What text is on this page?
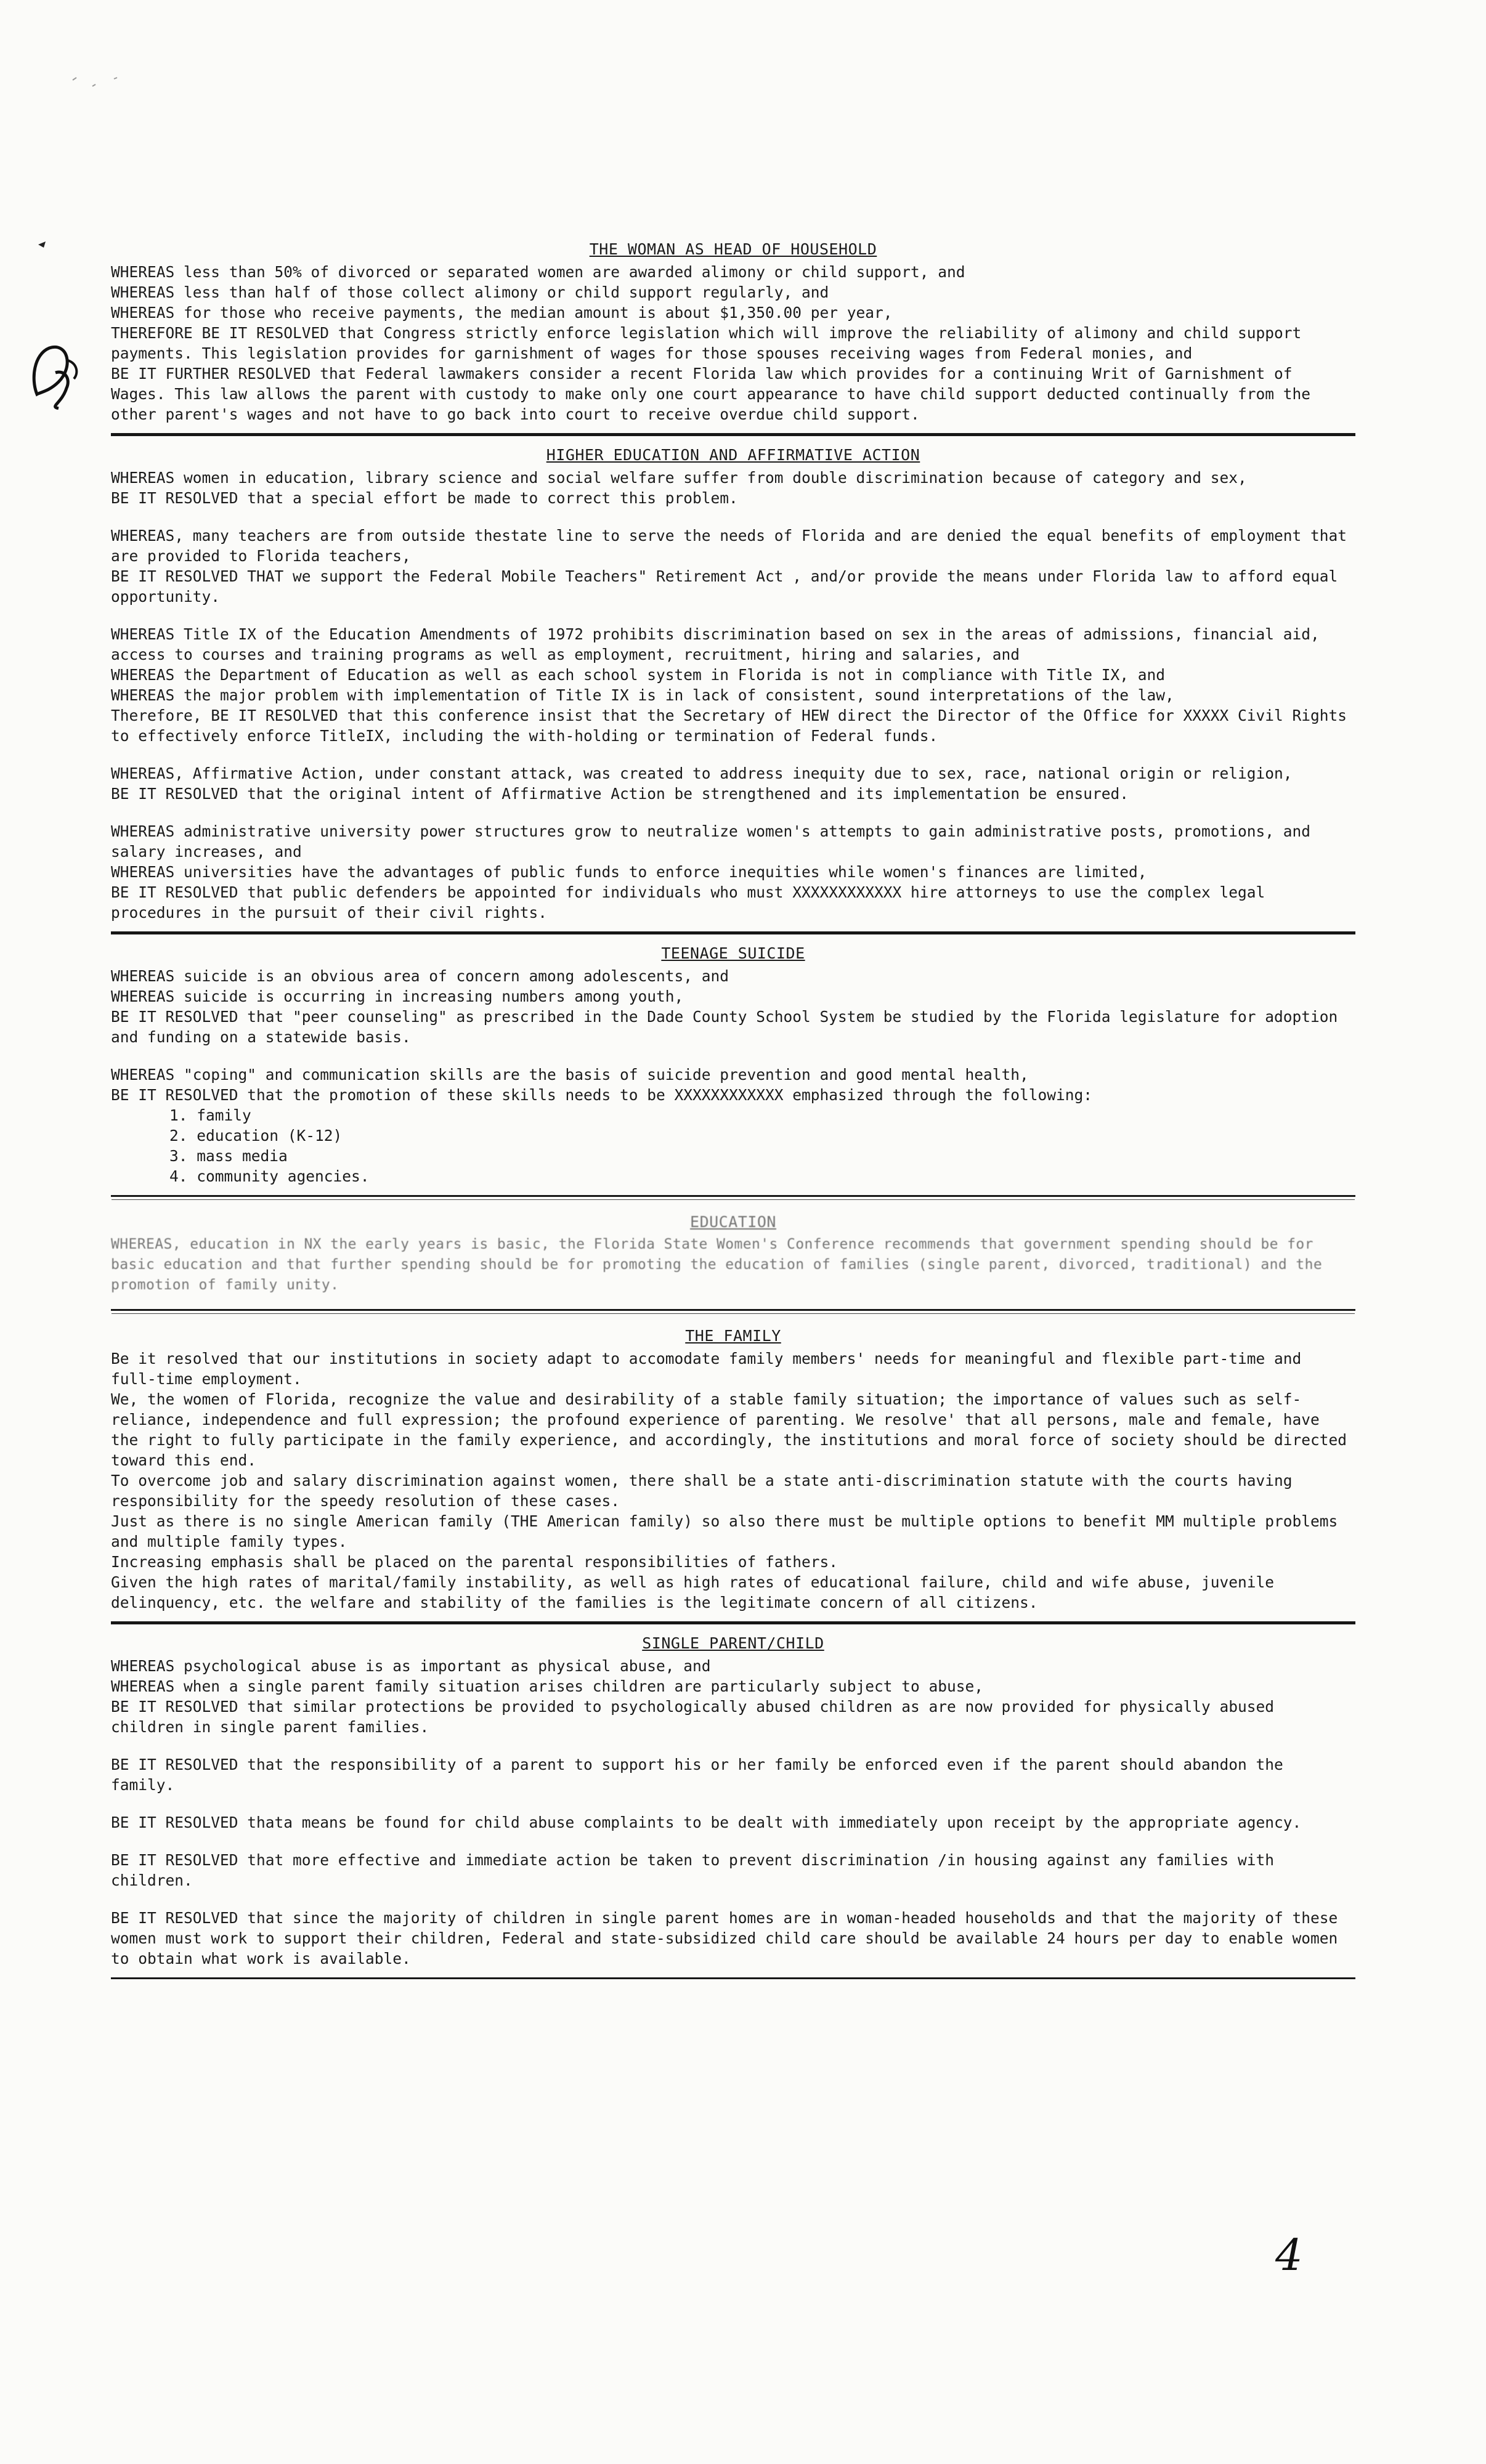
THE WOMAN AS HEAD OF HOUSEHOLD

WHEREAS less than 50% of divorced or separated women are awarded alimony or child support, and
WHEREAS less than half of those collect alimony or child support regularly, and
WHEREAS for those who receive payments, the median amount is about $1,350.00 per year,
THEREFORE BE IT RESOLVED that Congress strictly enforce legislation which will improve the reliability of alimony and child support payments. This legislation provides for garnishment of wages for those spouses receiving wages from Federal monies, and
BE IT FURTHER RESOLVED that Federal lawmakers consider a recent Florida law which provides for a continuing Writ of Garnishment of Wages. This law allows the parent with custody to make only one court appearance to have child support deducted continually from the other parent's wages and not have to go back into court to receive overdue child support.

HIGHER EDUCATION AND AFFIRMATIVE ACTION

WHEREAS women in education, library science and social welfare suffer from double discrimination because of category and sex,
BE IT RESOLVED that a special effort be made to correct this problem.

WHEREAS, many teachers are from outside thestate line to serve the needs of Florida and are denied the equal benefits of employment that are provided to Florida teachers,
BE IT RESOLVED THAT we support the Federal Mobile Teachers" Retirement Act , and/or provide the means under Florida law to afford equal opportunity.

WHEREAS Title IX of the Education Amendments of 1972 prohibits discrimination based on sex in the areas of admissions, financial aid, access to courses and training programs as well as employment, recruitment, hiring and salaries, and
WHEREAS the Department of Education as well as each school system in Florida is not in compliance with Title IX, and
WHEREAS the major problem with implementation of Title IX is in lack of consistent, sound interpretations of the law,
Therefore, BE IT RESOLVED that this conference insist that the Secretary of HEW direct the Director of the Office for XXXXX Civil Rights to effectively enforce TitleIX, including the with-holding or termination of Federal funds.

WHEREAS, Affirmative Action, under constant attack, was created to address inequity due to sex, race, national origin or religion,
BE IT RESOLVED that the original intent of Affirmative Action be strengthened and its implementation be ensured.

WHEREAS administrative university power structures grow to neutralize women's attempts to gain administrative posts, promotions, and salary increases, and
WHEREAS universities have the advantages of public funds to enforce inequities while women's finances are limited,
BE IT RESOLVED that public defenders be appointed for individuals who must XXXXXXXXXXXX hire attorneys to use the complex legal procedures in the pursuit of their civil rights.

TEENAGE SUICIDE

WHEREAS suicide is an obvious area of concern among adolescents, and
WHEREAS suicide is occurring in increasing numbers among youth,
BE IT RESOLVED that "peer counseling" as prescribed in the Dade County School System be studied by the Florida legislature for adoption and funding on a statewide basis.

WHEREAS "coping" and communication skills are the basis of suicide prevention and good mental health,
BE IT RESOLVED that the promotion of these skills needs to be XXXXXXXXXXXX emphasized through the following:

1. family
2. education (K-12)
3. mass media
4. community agencies.
EDUCATION

WHEREAS, education in NX the early years is basic, the Florida State Women's Conference recommends that government spending should be for basic education and that further spending should be for promoting the education of families (single parent, divorced, traditional) and the promotion of family unity.

THE FAMILY

Be it resolved that our institutions in society adapt to accomodate family members' needs for meaningful and flexible part-time and full-time employment.
We, the women of Florida, recognize the value and desirability of a stable family situation; the importance of values such as self-reliance, independence and full expression; the profound experience of parenting. We resolve' that all persons, male and female, have the right to fully participate in the family experience, and accordingly, the institutions and moral force of society should be directed toward this end.
To overcome job and salary discrimination against women, there shall be a state anti-discrimination statute with the courts having responsibility for the speedy resolution of these cases.
Just as there is no single American family (THE American family) so also there must be multiple options to benefit MM multiple problems and multiple family types.
Increasing emphasis shall be placed on the parental responsibilities of fathers.
Given the high rates of marital/family instability, as well as high rates of educational failure, child and wife abuse, juvenile delinquency, etc. the welfare and stability of the families is the legitimate concern of all citizens.

SINGLE PARENT/CHILD

WHEREAS psychological abuse is as important as physical abuse, and
WHEREAS when a single parent family situation arises children are particularly subject to abuse,
BE IT RESOLVED that similar protections be provided to psychologically abused children as are now provided for physically abused children in single parent families.

BE IT RESOLVED that the responsibility of a parent to support his or her family be enforced even if the parent should abandon the family.

BE IT RESOLVED thata means be found for child abuse complaints to be dealt with immediately upon receipt by the appropriate agency.

BE IT RESOLVED that more effective and immediate action be taken to prevent discrimination /in housing against any families with children.

BE IT RESOLVED that since the majority of children in single parent homes are in woman-headed households and that the majority of these women must work to support their children, Federal and state-subsidized child care should be available 24 hours per day to enable women to obtain what work is available.

4
